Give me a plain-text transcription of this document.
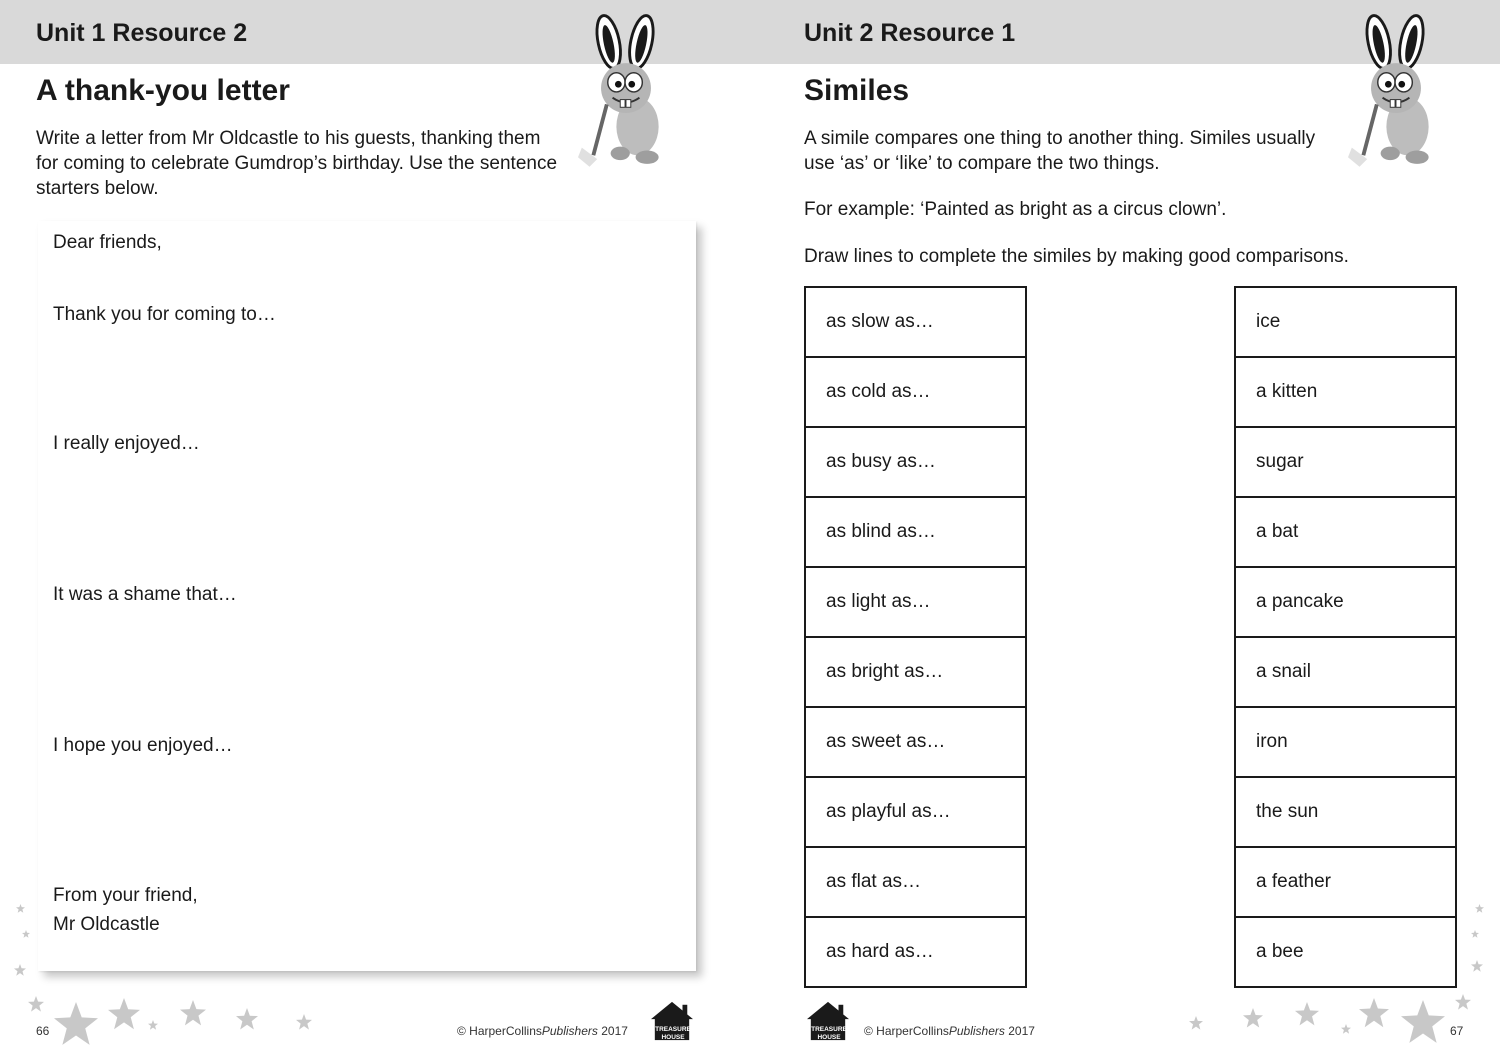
Unit 1 Resource 2
A thank-you letter
Write a letter from Mr Oldcastle to his guests, thanking them for coming to celebrate Gumdrop’s birthday. Use the sentence starters below.
Dear friends,
Thank you for coming to…
I really enjoyed…
It was a shame that…
I hope you enjoyed…
From your friend,
Mr Oldcastle
66	© HarperCollinsPublishers 2017	TREASURE
HOUSE
Unit 2 Resource 1
Similes
A simile compares one thing to another thing. Similes usually use ‘as’ or ‘like’ to compare the two things.
For example: ‘Painted as bright as a circus clown’.
Draw lines to complete the similes by making good comparisons.
as slow as…
as cold as…
as busy as…
as blind as…
as light as…
as bright as…
as sweet as…
as playful as…
as flat as…
as hard as…
ice
a kitten
sugar
a bat
a pancake
a snail
iron
the sun
a feather
a bee
TREASURE
HOUSE © HarperCollinsPublishers 2017	67
